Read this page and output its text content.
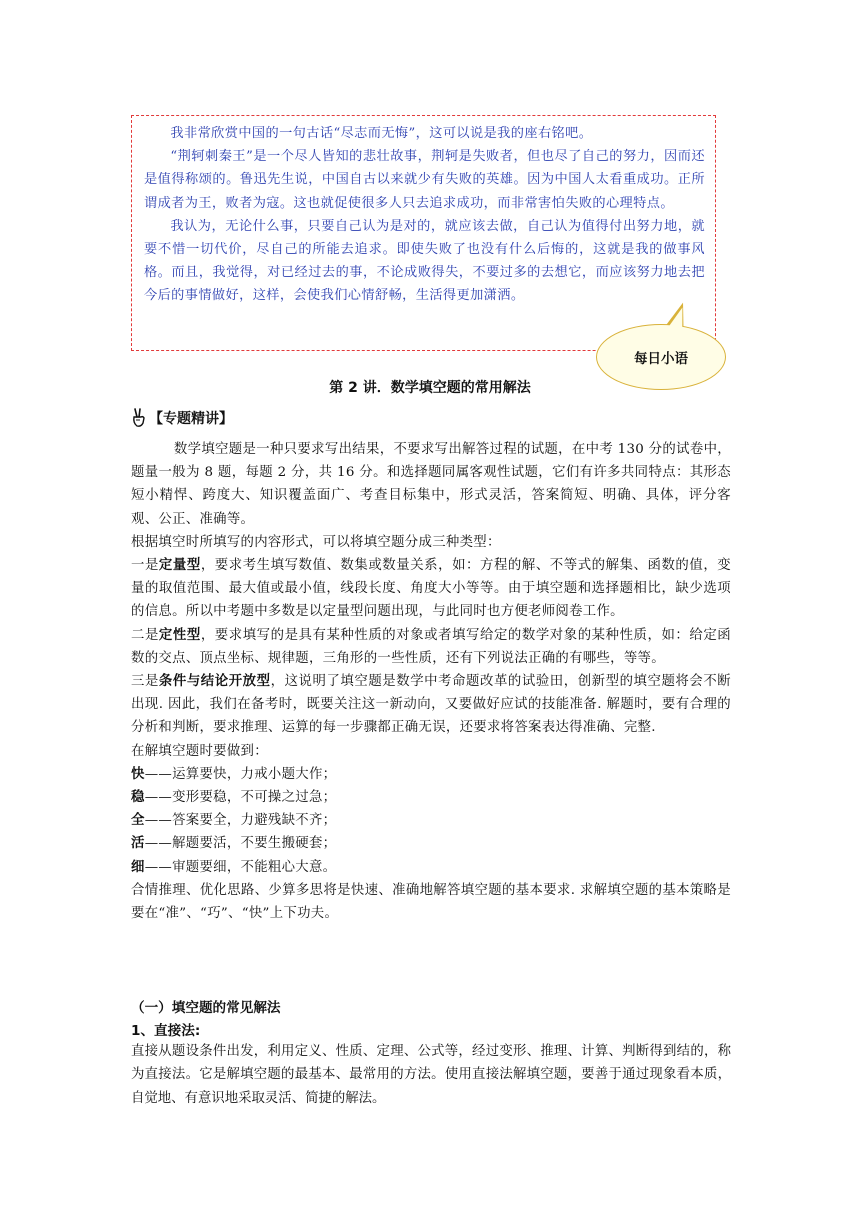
我非常欣赏中国的一句古话“尽志而无悔”，这可以说是我的座右铭吧。

“荆轲刺秦王”是一个尽人皆知的悲壮故事，荆轲是失败者，但也尽了自己的努力，因而还是值得称颂的。鲁迅先生说，中国自古以来就少有失败的英雄。因为中国人太看重成功。正所谓成者为王，败者为寇。这也就促使很多人只去追求成功，而非常害怕失败的心理特点。

我认为，无论什么事，只要自己认为是对的，就应该去做，自己认为值得付出努力地，就要不惜一切代价，尽自己的所能去追求。即使失败了也没有什么后悔的，这就是我的做事风格。而且，我觉得，对已经过去的事，不论成败得失，不要过多的去想它，而应该努力地去把今后的事情做好，这样，会使我们心情舒畅，生活得更加潇洒。

每日小语
第 2 讲．数学填空题的常用解法
【专题精讲】

数学填空题是一种只要求写出结果，不要求写出解答过程的试题，在中考 130 分的试卷中，题量一般为 8 题，每题 2 分，共 16 分。和选择题同属客观性试题，它们有许多共同特点：其形态短小精悍、跨度大、知识覆盖面广、考查目标集中，形式灵活，答案简短、明确、具体，评分客观、公正、准确等。

根据填空时所填写的内容形式，可以将填空题分成三种类型：

一是定量型，要求考生填写数值、数集或数量关系，如：方程的解、不等式的解集、函数的值，变量的取值范围、最大值或最小值，线段长度、角度大小等等。由于填空题和选择题相比，缺少选项的信息。所以中考题中多数是以定量型问题出现，与此同时也方便老师阅卷工作。

二是定性型，要求填写的是具有某种性质的对象或者填写给定的数学对象的某种性质，如：给定函数的交点、顶点坐标、规律题，三角形的一些性质，还有下列说法正确的有哪些，等等。

三是条件与结论开放型，这说明了填空题是数学中考命题改革的试验田，创新型的填空题将会不断出现. 因此，我们在备考时，既要关注这一新动向，又要做好应试的技能准备. 解题时，要有合理的分析和判断，要求推理、运算的每一步骤都正确无误，还要求将答案表达得准确、完整.

在解填空题时要做到：

快——运算要快，力戒小题大作；

稳——变形要稳，不可操之过急；

全——答案要全，力避残缺不齐；

活——解题要活，不要生搬硬套；

细——审题要细，不能粗心大意。

合情推理、优化思路、少算多思将是快速、准确地解答填空题的基本要求. 求解填空题的基本策略是要在“准”、“巧”、“快”上下功夫。

（一）填空题的常见解法
1、直接法:

直接从题设条件出发，利用定义、性质、定理、公式等，经过变形、推理、计算、判断得到结的，称为直接法。它是解填空题的最基本、最常用的方法。使用直接法解填空题，要善于通过现象看本质，自觉地、有意识地采取灵活、简捷的解法。
